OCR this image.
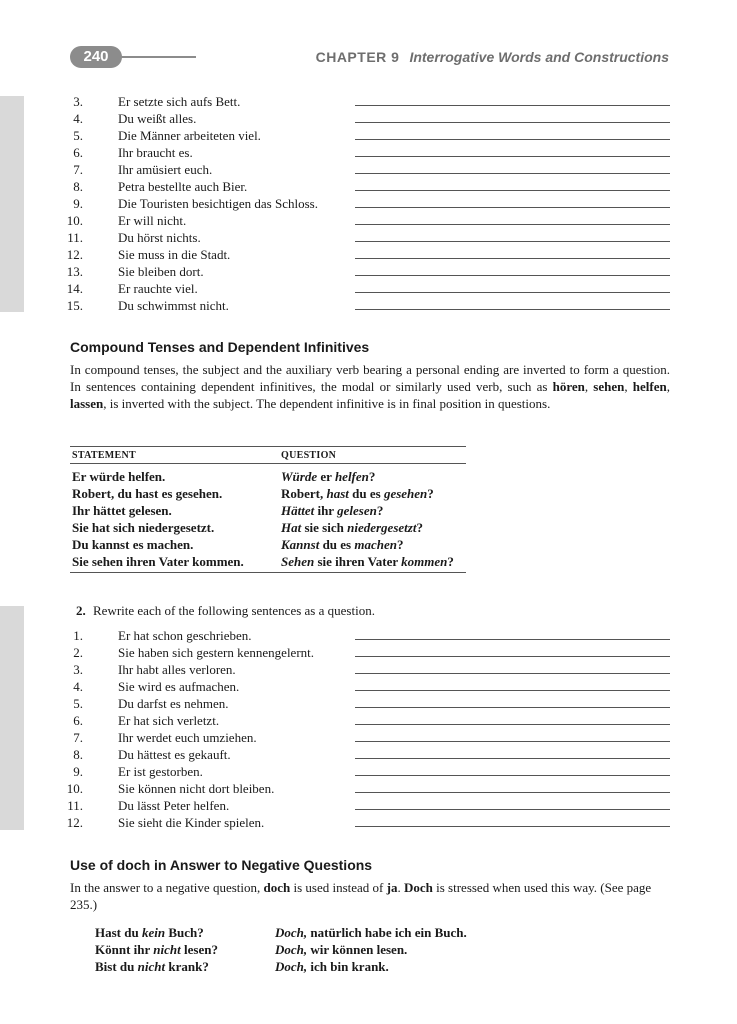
240	CHAPTER 9 Interrogative Words and Constructions
3.	Er setzte sich aufs Bett.
4.	Du weißt alles.
5.	Die Männer arbeiteten viel.
6.	Ihr braucht es.
7.	Ihr amüsiert euch.
8.	Petra bestellte auch Bier.
9.	Die Touristen besichtigen das Schloss.
10.	Er will nicht.
11.	Du hörst nichts.
12.	Sie muss in die Stadt.
13.	Sie bleiben dort.
14.	Er rauchte viel.
15.	Du schwimmst nicht.
Compound Tenses and Dependent Infinitives

In compound tenses, the subject and the auxiliary verb bearing a personal ending are inverted to form a question. In sentences containing dependent infinitives, the modal or similarly used verb, such as hören, sehen, helfen, lassen, is inverted with the subject. The dependent infinitive is in final position in questions.

STATEMENT	QUESTION
Er würde helfen.	Würde er helfen?
Robert, du hast es gesehen.	Robert, hast du es gesehen?
Ihr hättet gelesen.	Hättet ihr gelesen?
Sie hat sich niedergesetzt.	Hat sie sich niedergesetzt?
Du kannst es machen.	Kannst du es machen?
Sie sehen ihren Vater kommen.	Sehen sie ihren Vater kommen?

2. Rewrite each of the following sentences as a question.

1.	Er hat schon geschrieben.
2.	Sie haben sich gestern kennengelernt.
3.	Ihr habt alles verloren.
4.	Sie wird es aufmachen.
5.	Du darfst es nehmen.
6.	Er hat sich verletzt.
7.	Ihr werdet euch umziehen.
8.	Du hättest es gekauft.
9.	Er ist gestorben.
10.	Sie können nicht dort bleiben.
11.	Du lässt Peter helfen.
12.	Sie sieht die Kinder spielen.
Use of doch in Answer to Negative Questions

In the answer to a negative question, doch is used instead of ja. Doch is stressed when used this way. (See page 235.)

Hast du kein Buch?	Doch, natürlich habe ich ein Buch.
Könnt ihr nicht lesen?	Doch, wir können lesen.
Bist du nicht krank?	Doch, ich bin krank.
